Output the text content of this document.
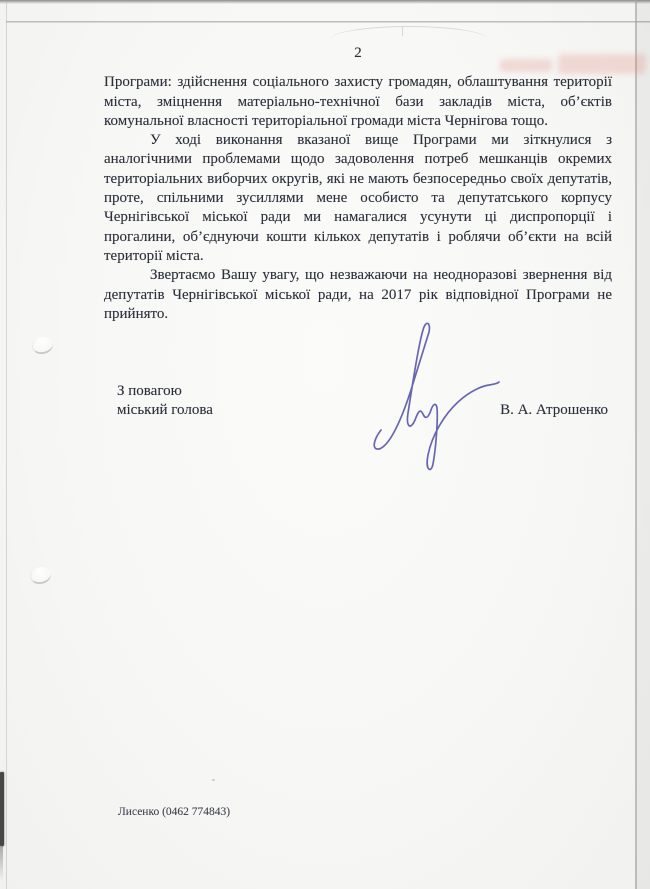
2

Програми: здійснення соціального захисту громадян, облаштування території міста, зміцнення матеріально-технічної бази закладів міста, об’єктів комунальної власності територіальної громади міста Чернігова тощо.

У ході виконання вказаної вище Програми ми зіткнулися з аналогічними проблемами щодо задоволення потреб мешканців окремих територіальних виборчих округів, які не мають безпосередньо своїх депутатів, проте, спільними зусиллями мене особисто та депутатського корпусу Чернігівської міської ради ми намагалися усунути ці диспропорції і прогалини, об’єднуючи кошти кількох депутатів і роблячи об’єкти на всій території міста.

Звертаємо Вашу увагу, що незважаючи на неодноразові звернення від депутатів Чернігівської міської ради, на 2017 рік відповідної Програми не прийнято.

З повагою
міський голова	В. А. Атрошенко
Лисенко (0462 774843)
